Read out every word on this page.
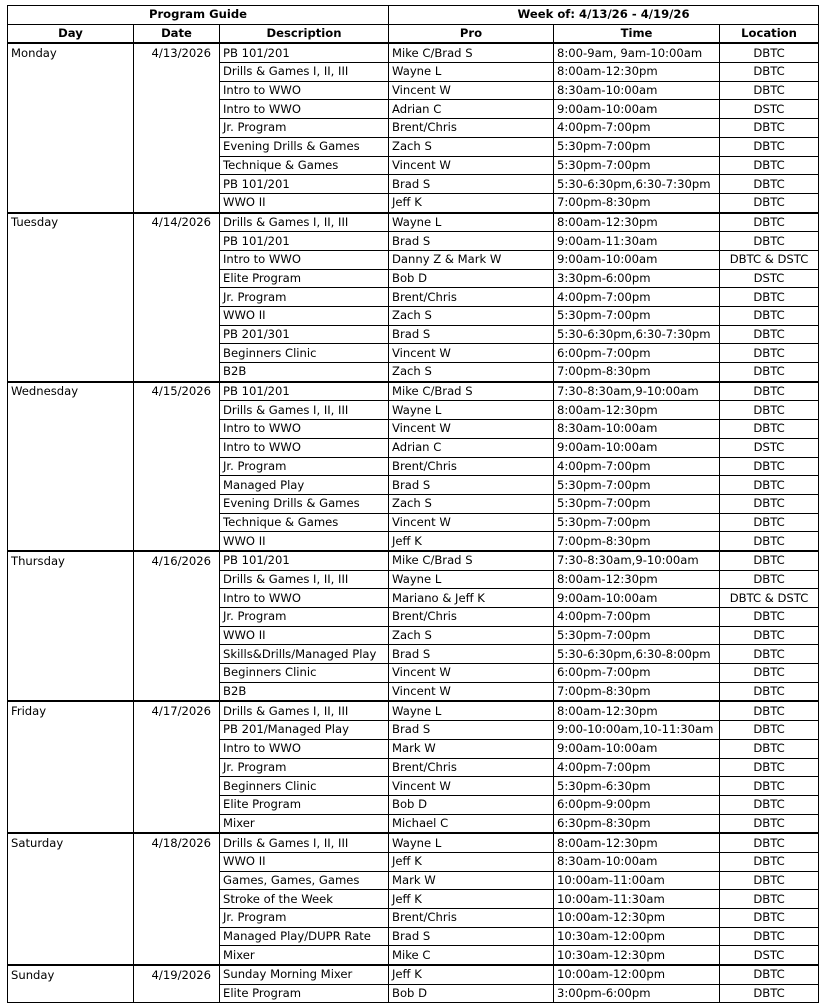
Program Guide			Week of: 4/13/26 - 4/19/26		
Day	Date	Description	Pro	Time	Location
Monday	4/13/2026	PB 101/201	Mike C/Brad S	8:00-9am, 9am-10:00am	DBTC
		Drills & Games I, II, III	Wayne L	8:00am-12:30pm	DBTC
		Intro to WWO	Vincent W	8:30am-10:00am	DBTC
		Intro to WWO	Adrian C	9:00am-10:00am	DSTC
		Jr. Program	Brent/Chris	4:00pm-7:00pm	DBTC
		Evening Drills & Games	Zach S	5:30pm-7:00pm	DBTC
		Technique & Games	Vincent W	5:30pm-7:00pm	DBTC
		PB 101/201	Brad S	5:30-6:30pm,6:30-7:30pm	DBTC
		WWO II	Jeff K	7:00pm-8:30pm	DBTC
Tuesday	4/14/2026	Drills & Games I, II, III	Wayne L	8:00am-12:30pm	DBTC
		PB 101/201	Brad S	9:00am-11:30am	DBTC
		Intro to WWO	Danny Z & Mark W	9:00am-10:00am	DBTC & DSTC
		Elite Program	Bob D	3:30pm-6:00pm	DSTC
		Jr. Program	Brent/Chris	4:00pm-7:00pm	DBTC
		WWO II	Zach S	5:30pm-7:00pm	DBTC
		PB 201/301	Brad S	5:30-6:30pm,6:30-7:30pm	DBTC
		Beginners Clinic	Vincent W	6:00pm-7:00pm	DBTC
		B2B	Zach S	7:00pm-8:30pm	DBTC
Wednesday	4/15/2026	PB 101/201	Mike C/Brad S	7:30-8:30am,9-10:00am	DBTC
		Drills & Games I, II, III	Wayne L	8:00am-12:30pm	DBTC
		Intro to WWO	Vincent W	8:30am-10:00am	DBTC
		Intro to WWO	Adrian C	9:00am-10:00am	DSTC
		Jr. Program	Brent/Chris	4:00pm-7:00pm	DBTC
		Managed Play	Brad S	5:30pm-7:00pm	DBTC
		Evening Drills & Games	Zach S	5:30pm-7:00pm	DBTC
		Technique & Games	Vincent W	5:30pm-7:00pm	DBTC
		WWO II	Jeff K	7:00pm-8:30pm	DBTC
Thursday	4/16/2026	PB 101/201	Mike C/Brad S	7:30-8:30am,9-10:00am	DBTC
		Drills & Games I, II, III	Wayne L	8:00am-12:30pm	DBTC
		Intro to WWO	Mariano & Jeff K	9:00am-10:00am	DBTC & DSTC
		Jr. Program	Brent/Chris	4:00pm-7:00pm	DBTC
		WWO II	Zach S	5:30pm-7:00pm	DBTC
		Skills&Drills/Managed Play	Brad S	5:30-6:30pm,6:30-8:00pm	DBTC
		Beginners Clinic	Vincent W	6:00pm-7:00pm	DBTC
		B2B	Vincent W	7:00pm-8:30pm	DBTC
Friday	4/17/2026	Drills & Games I, II, III	Wayne L	8:00am-12:30pm	DBTC
		PB 201/Managed Play	Brad S	9:00-10:00am,10-11:30am	DBTC
		Intro to WWO	Mark W	9:00am-10:00am	DBTC
		Jr. Program	Brent/Chris	4:00pm-7:00pm	DBTC
		Beginners Clinic	Vincent W	5:30pm-6:30pm	DBTC
		Elite Program	Bob D	6:00pm-9:00pm	DBTC
		Mixer	Michael C	6:30pm-8:30pm	DBTC
Saturday	4/18/2026	Drills & Games I, II, III	Wayne L	8:00am-12:30pm	DBTC
		WWO II	Jeff K	8:30am-10:00am	DBTC
		Games, Games, Games	Mark W	10:00am-11:00am	DBTC
		Stroke of the Week	Jeff K	10:00am-11:30am	DBTC
		Jr. Program	Brent/Chris	10:00am-12:30pm	DBTC
		Managed Play/DUPR Rate	Brad S	10:30am-12:00pm	DBTC
		Mixer	Mike C	10:30am-12:30pm	DSTC
Sunday	4/19/2026	Sunday Morning Mixer	Jeff K	10:00am-12:00pm	DBTC
		Elite Program	Bob D	3:00pm-6:00pm	DBTC
